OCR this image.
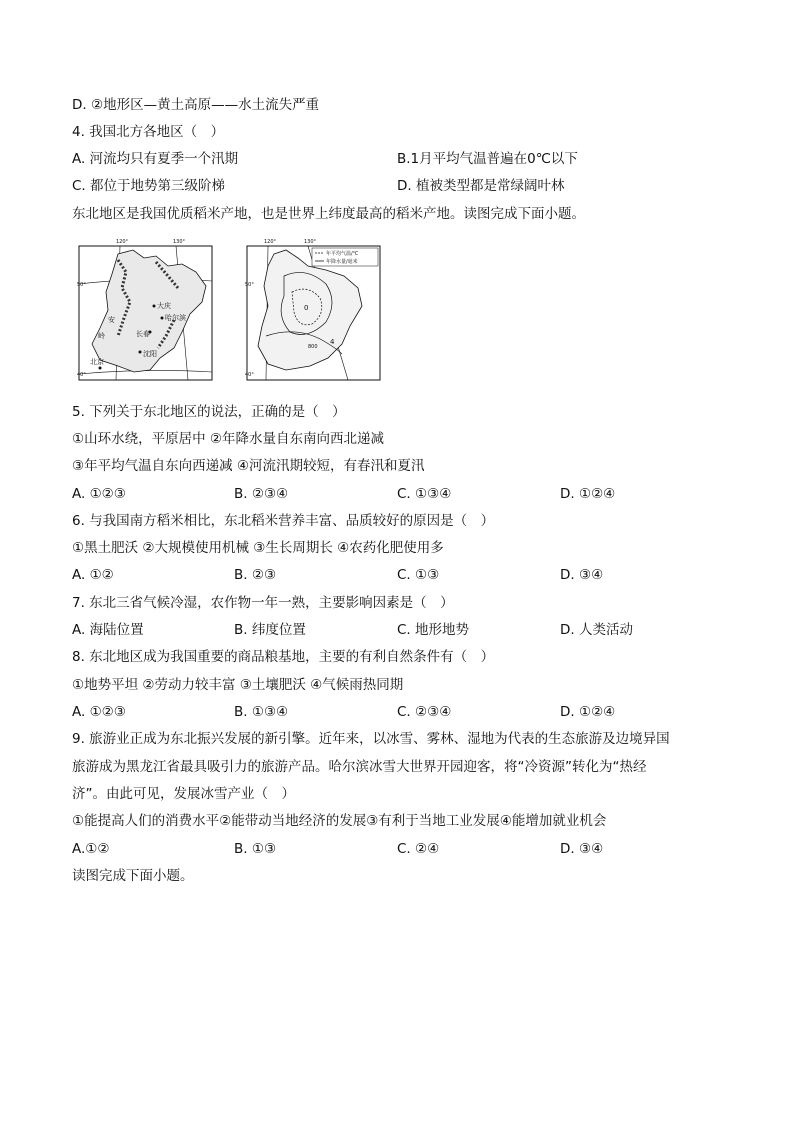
D. ②地形区—黄土高原——水土流失严重
4. 我国北方各地区（　）
A. 河流均只有夏季一个汛期	B.1月平均气温普遍在0℃以下
C. 都位于地势第三级阶梯	D. 植被类型都是常绿阔叶林
东北地区是我国优质稻米产地，也是世界上纬度最高的稻米产地。读图完成下面小题。
120°	130°
50°
40°
大庆
哈尔滨
长春
沈阳
北京
安
岭
120°	130°
50°
40°
年平均气温/℃
年降水量/毫米
0
4
800
5. 下列关于东北地区的说法，正确的是（　）
①山环水绕，平原居中 ②年降水量自东南向西北递减
③年平均气温自东向西递减 ④河流汛期较短，有春汛和夏汛
A. ①②③	B. ②③④	C. ①③④	D. ①②④
6. 与我国南方稻米相比，东北稻米营养丰富、品质较好的原因是（　）
①黑土肥沃 ②大规模使用机械 ③生长周期长 ④农药化肥使用多
A. ①②	B. ②③	C. ①③	D. ③④
7. 东北三省气候冷湿，农作物一年一熟，主要影响因素是（　）
A. 海陆位置	B. 纬度位置	C. 地形地势	D. 人类活动
8. 东北地区成为我国重要的商品粮基地，主要的有利自然条件有（　）
①地势平坦 ②劳动力较丰富 ③土壤肥沃 ④气候雨热同期
A. ①②③	B. ①③④	C. ②③④	D. ①②④
9. 旅游业正成为东北振兴发展的新引擎。近年来，以冰雪、雾林、湿地为代表的生态旅游及边境异国
旅游成为黑龙江省最具吸引力的旅游产品。哈尔滨冰雪大世界开园迎客，将“冷资源”转化为“热经
济”。由此可见，发展冰雪产业（　）
①能提高人们的消费水平②能带动当地经济的发展③有利于当地工业发展④能增加就业机会
A.①②	B. ①③	C. ②④	D. ③④
读图完成下面小题。
